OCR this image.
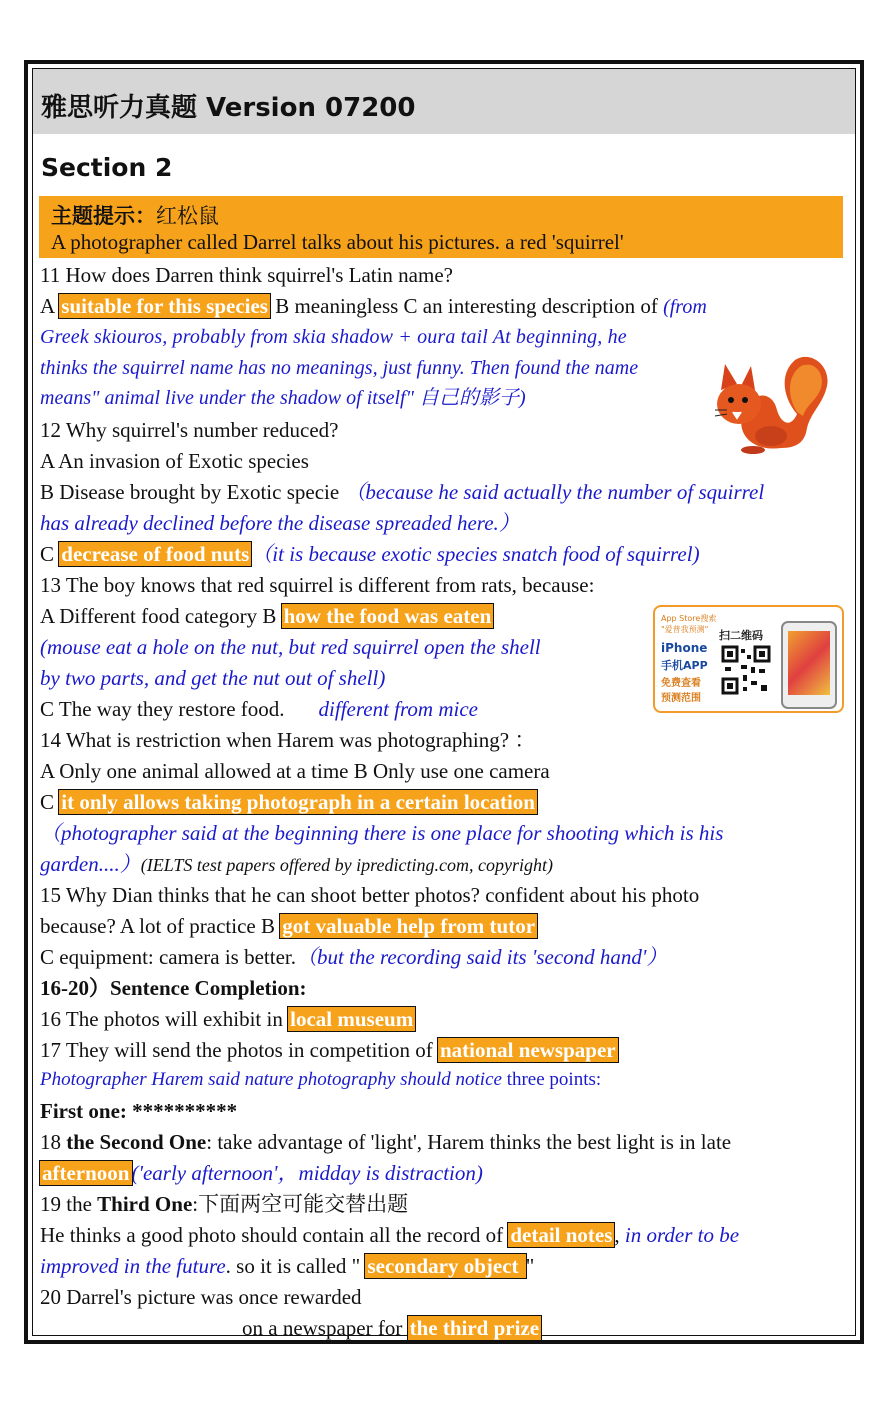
雅思听力真题 Version 07200
Section 2
主题提示：红松鼠
A photographer called Darrel talks about his pictures. a red 'squirrel'
11 How does Darren think squirrel's Latin name?
A suitable for this species B meaningless C an interesting description of (from
Greek skiouros, probably from skia shadow + oura tail At beginning, he
thinks the squirrel name has no meanings, just funny. Then found the name
means" animal live under the shadow of itself" 自己的影子)
12 Why squirrel's number reduced?
A An invasion of Exotic species
B Disease brought by Exotic specie （because he said actually the number of squirrel
has already declined before the disease spreaded here.）
C decrease of food nuts（it is because exotic species snatch food of squirrel)
13 The boy knows that red squirrel is different from rats, because:
A Different food category B how the food was eaten
(mouse eat a hole on the nut, but red squirrel open the shell
by two parts, and get the nut out of shell)
C The way they restore food. different from mice
App Store搜索
"爱普我预测" 扫二维码
iPhone
手机APP
免费查看
预测范围
14 What is restriction when Harem was photographing? ：
A Only one animal allowed at a time B Only use one camera
C it only allows taking photograph in a certain location
（photographer said at the beginning there is one place for shooting which is his
garden....）(IELTS test papers offered by ipredicting.com, copyright)
15 Why Dian thinks that he can shoot better photos? confident about his photo
because? A lot of practice B got valuable help from tutor
C equipment: camera is better.（but the recording said its 'second hand'）
16-20）Sentence Completion:
16 The photos will exhibit in local museum
17 They will send the photos in competition of national newspaper
Photographer Harem said nature photography should notice three points:
First one: **********
18 the Second One: take advantage of 'light', Harem thinks the best light is in late
afternoon('early afternoon'，midday is distraction)
19 the Third One:下面两空可能交替出题
He thinks a good photo should contain all the record of detail notes, in order to be
improved in the future. so it is called " secondary object "
20 Darrel's picture was once rewarded
on a newspaper for the third prize
